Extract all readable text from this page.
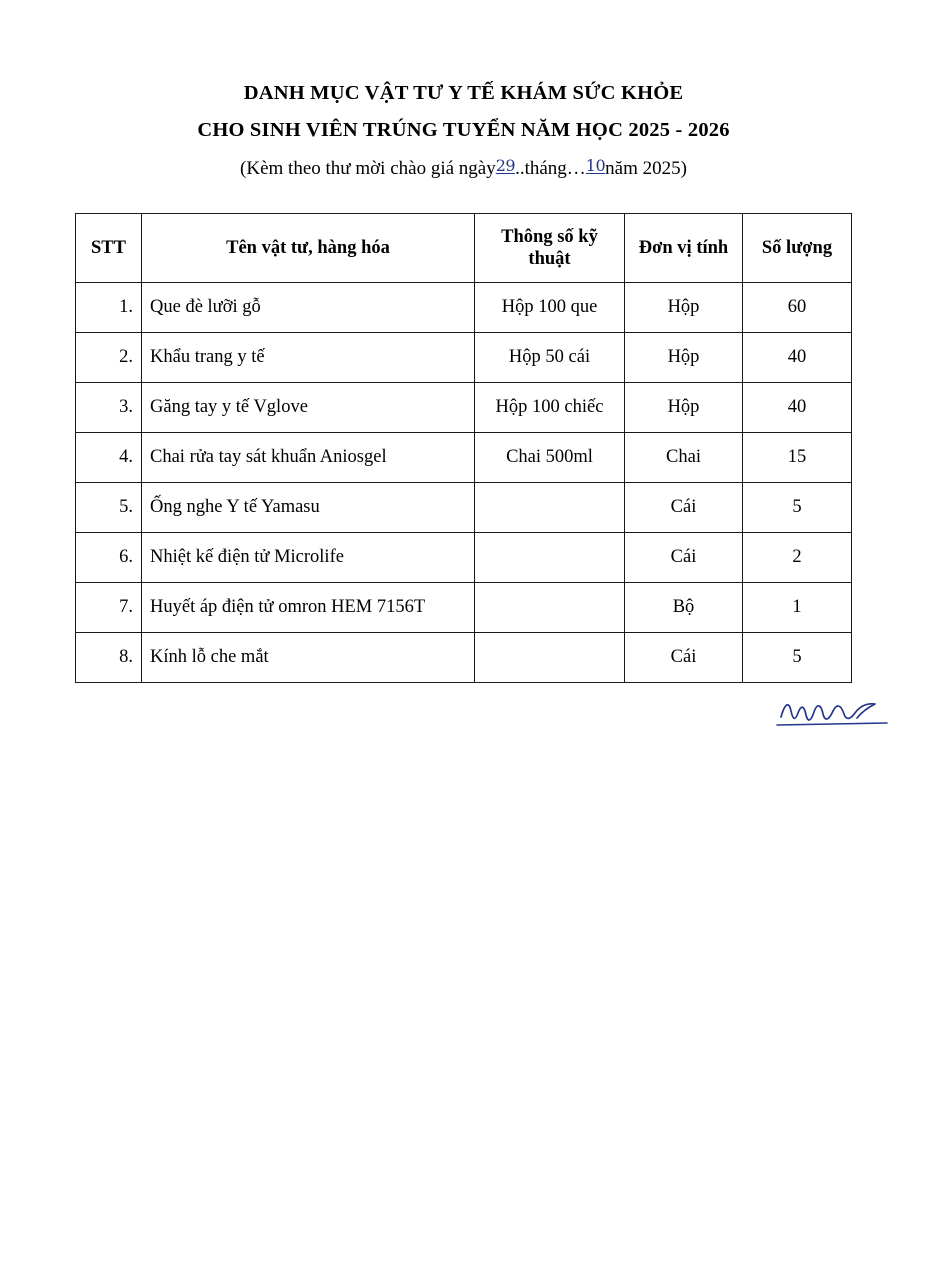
DANH MỤC VẬT TƯ Y TẾ KHÁM SỨC KHỎE
CHO SINH VIÊN TRÚNG TUYỂN NĂM HỌC 2025 - 2026
(Kèm theo thư mời chào giá ngày29..tháng…10năm 2025)
STT	Tên vật tư, hàng hóa	Thông số kỹ thuật	Đơn vị tính	Số lượng
1.	Que đè lưỡi gỗ	Hộp 100 que	Hộp	60
2.	Khẩu trang y tế	Hộp 50 cái	Hộp	40
3.	Găng tay y tế Vglove	Hộp 100 chiếc	Hộp	40
4.	Chai rửa tay sát khuẩn Aniosgel	Chai 500ml	Chai	15
5.	Ống nghe Y tế Yamasu		Cái	5
6.	Nhiệt kế điện tử Microlife		Cái	2
7.	Huyết áp điện tử omron HEM 7156T		Bộ	1
8.	Kính lỗ che mắt		Cái	5
